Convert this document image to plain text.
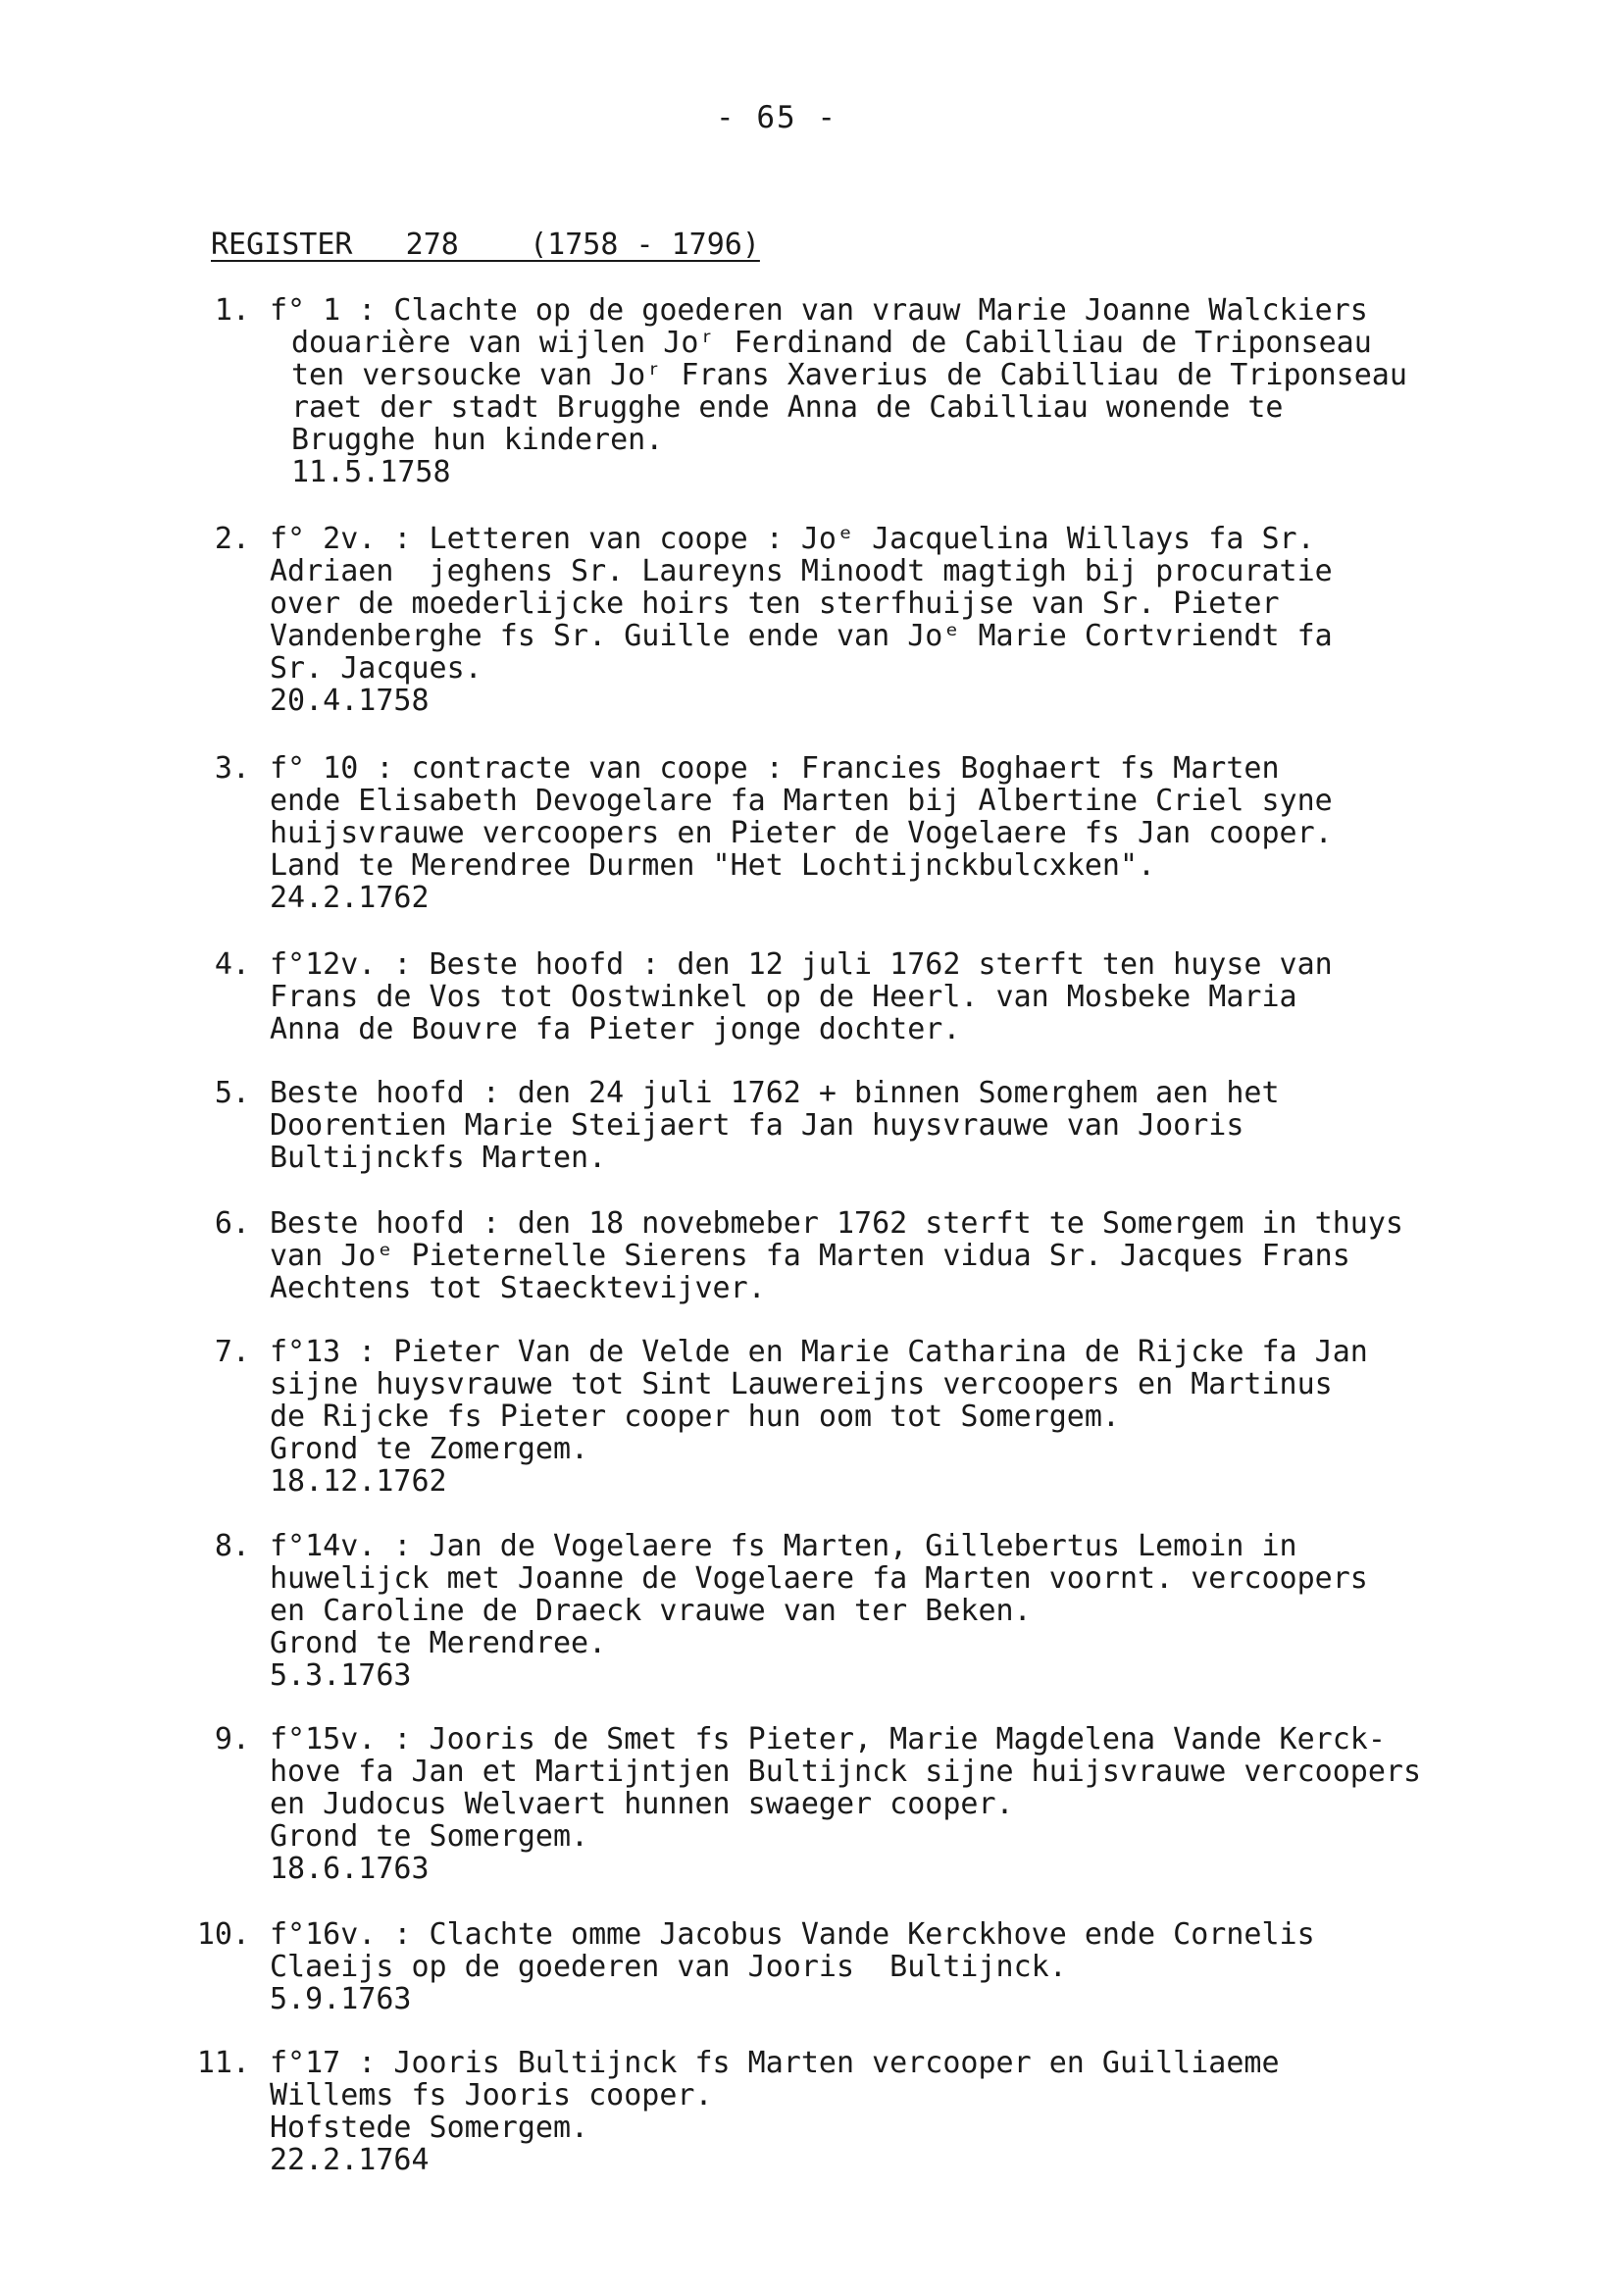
- 65 -
REGISTER   278    (1758 - 1796)
1. f° 1 : Clachte op de goederen van vrauw Marie Joanne Walckiers
douarière van wijlen Joʳ Ferdinand de Cabilliau de Triponseau
ten versoucke van Joʳ Frans Xaverius de Cabilliau de Triponseau
raet der stadt Brugghe ende Anna de Cabilliau wonende te
Brugghe hun kinderen.
11.5.1758
2. f° 2v. : Letteren van coope : Joᵉ Jacquelina Willays fa Sr.
Adriaen  jeghens Sr. Laureyns Minoodt magtigh bij procuratie
over de moederlijcke hoirs ten sterfhuijse van Sr. Pieter
Vandenberghe fs Sr. Guille ende van Joᵉ Marie Cortvriendt fa
Sr. Jacques.
20.4.1758
3. f° 10 : contracte van coope : Francies Boghaert fs Marten
ende Elisabeth Devogelare fa Marten bij Albertine Criel syne
huijsvrauwe vercoopers en Pieter de Vogelaere fs Jan cooper.
Land te Merendree Durmen "Het Lochtijnckbulcxken".
24.2.1762
4. f°12v. : Beste hoofd : den 12 juli 1762 sterft ten huyse van
Frans de Vos tot Oostwinkel op de Heerl. van Mosbeke Maria
Anna de Bouvre fa Pieter jonge dochter.
5. Beste hoofd : den 24 juli 1762 + binnen Somerghem aen het
Doorentien Marie Steijaert fa Jan huysvrauwe van Jooris
Bultijnckfs Marten.
6. Beste hoofd : den 18 novebmeber 1762 sterft te Somergem in thuys
van Joᵉ Pieternelle Sierens fa Marten vidua Sr. Jacques Frans
Aechtens tot Staecktevijver.
7. f°13 : Pieter Van de Velde en Marie Catharina de Rijcke fa Jan
sijne huysvrauwe tot Sint Lauwereijns vercoopers en Martinus
de Rijcke fs Pieter cooper hun oom tot Somergem.
Grond te Zomergem.
18.12.1762
8. f°14v. : Jan de Vogelaere fs Marten, Gillebertus Lemoin in
huwelijck met Joanne de Vogelaere fa Marten voornt. vercoopers
en Caroline de Draeck vrauwe van ter Beken.
Grond te Merendree.
5.3.1763
9. f°15v. : Jooris de Smet fs Pieter, Marie Magdelena Vande Kerck-
hove fa Jan et Martijntjen Bultijnck sijne huijsvrauwe vercoopers
en Judocus Welvaert hunnen swaeger cooper.
Grond te Somergem.
18.6.1763
10. f°16v. : Clachte omme Jacobus Vande Kerckhove ende Cornelis
Claeijs op de goederen van Jooris  Bultijnck.
5.9.1763
11. f°17 : Jooris Bultijnck fs Marten vercooper en Guilliaeme
Willems fs Jooris cooper.
Hofstede Somergem.
22.2.1764
